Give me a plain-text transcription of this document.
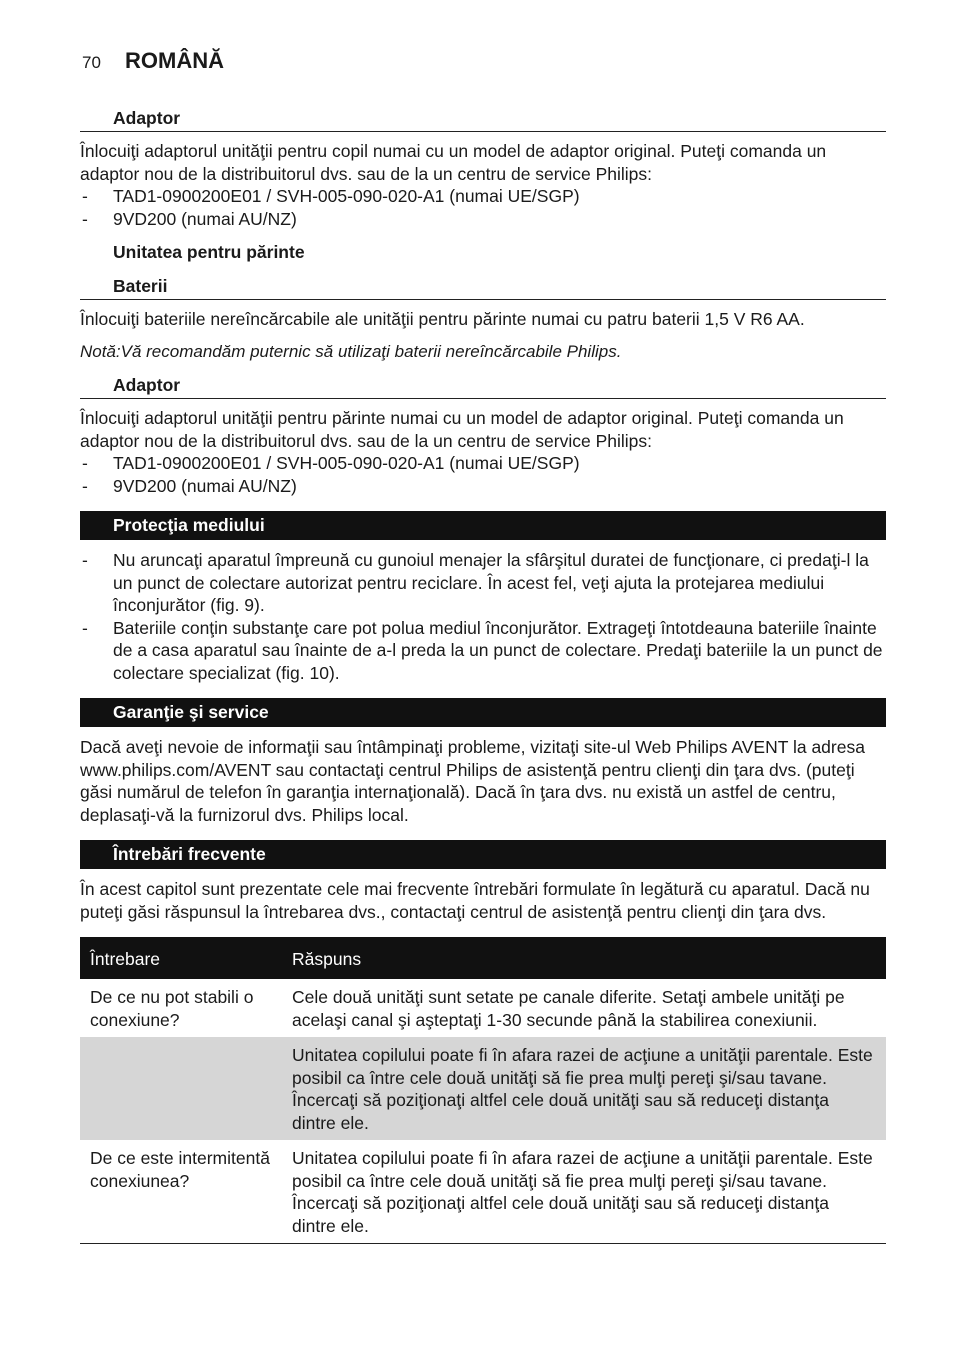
70 ROMÂNĂ
Adaptor

Înlocuiţi adaptorul unităţii pentru copil numai cu un model de adaptor original. Puteţi comanda un adaptor nou de la distribuitorul dvs. sau de la un centru de service Philips:

- TAD1-0900200E01 / SVH-005-090-020-A1 (numai UE/SGP)
- 9VD200 (numai AU/NZ)
Unitatea pentru părinte
Baterii

Înlocuiţi bateriile nereîncărcabile ale unităţii pentru părinte numai cu patru baterii 1,5 V R6 AA.

Notă:Vă recomandăm puternic să utilizaţi baterii nereîncărcabile Philips.

Adaptor

Înlocuiţi adaptorul unităţii pentru părinte numai cu un model de adaptor original. Puteţi comanda un adaptor nou de la distribuitorul dvs. sau de la un centru de service Philips:

- TAD1-0900200E01 / SVH-005-090-020-A1 (numai UE/SGP)
- 9VD200 (numai AU/NZ)
Protecţia mediului
- Nu aruncaţi aparatul împreună cu gunoiul menajer la sfârşitul duratei de funcţionare, ci predaţi-l la un punct de colectare autorizat pentru reciclare. În acest fel, veţi ajuta la protejarea mediului înconjurător (fig. 9).
- Bateriile conţin substanţe care pot polua mediul înconjurător. Extrageţi întotdeauna bateriile înainte de a casa aparatul sau înainte de a-l preda la un punct de colectare. Predaţi bateriile la un punct de colectare specializat (fig. 10).
Garanţie şi service

Dacă aveţi nevoie de informaţii sau întâmpinaţi probleme, vizitaţi site-ul Web Philips AVENT la adresa www.philips.com/AVENT sau contactaţi centrul Philips de asistenţă pentru clienţi din ţara dvs. (puteţi găsi numărul de telefon în garanţia internaţională). Dacă în ţara dvs. nu există un astfel de centru, deplasaţi-vă la furnizorul dvs. Philips local.

Întrebări frecvente

În acest capitol sunt prezentate cele mai frecvente întrebări formulate în legătură cu aparatul. Dacă nu puteţi găsi răspunsul la întrebarea dvs., contactaţi centrul de asistenţă pentru clienţi din ţara dvs.

Întrebare	Răspuns
De ce nu pot stabili o conexiune?	Cele două unităţi sunt setate pe canale diferite. Setaţi ambele unităţi pe acelaşi canal şi aşteptaţi 1-30 secunde până la stabilirea conexiunii.
	Unitatea copilului poate fi în afara razei de acţiune a unităţii parentale. Este posibil ca între cele două unităţi să fie prea mulţi pereţi şi/sau tavane. Încercaţi să poziţionaţi altfel cele două unităţi sau să reduceţi distanţa dintre ele.
De ce este intermitentă conexiunea?	Unitatea copilului poate fi în afara razei de acţiune a unităţii parentale. Este posibil ca între cele două unităţi să fie prea mulţi pereţi şi/sau tavane. Încercaţi să poziţionaţi altfel cele două unităţi sau să reduceţi distanţa dintre ele.
